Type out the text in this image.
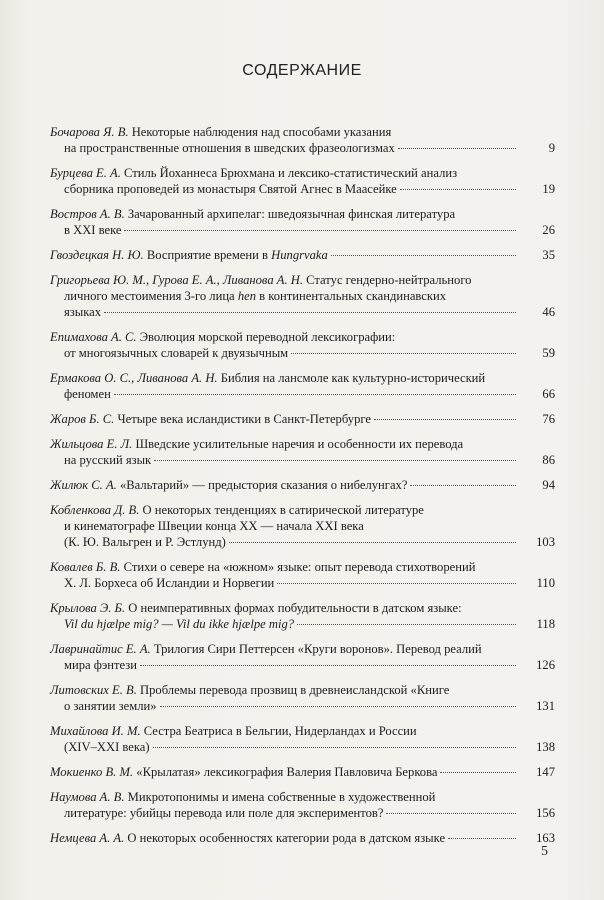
СОДЕРЖАНИЕ
Бочарова Я. В. Некоторые наблюдения над способами указания
на пространственные отношения в шведских фразеологизмах	9
Бурцева Е. А. Стиль Йоханнеса Брюхмана и лексико-статистический анализ
сборника проповедей из монастыря Святой Агнес в Маасейке	19
Востров А. В. Зачарованный архипелаг: шведоязычная финская литература
в XXI веке	26
Гвоздецкая Н. Ю. Восприятие времени в Hungrvaka	35
Григорьева Ю. М., Гурова Е. А., Ливанова А. Н. Статус гендерно-нейтрального
личного местоимения 3-го лица hen в континентальных скандинавских
языках	46
Епимахова А. С. Эволюция морской переводной лексикографии:
от многоязычных словарей к двуязычным	59
Ермакова О. С., Ливанова А. Н. Библия на лансмоле как культурно-исторический
феномен	66
Жаров Б. С. Четыре века исландистики в Санкт-Петербурге	76
Жильцова Е. Л. Шведские усилительные наречия и особенности их перевода
на русский язык	86
Жилюк С. А. «Вальтарий» — предыстория сказания о нибелунгах?	94
Кобленкова Д. В. О некоторых тенденциях в сатирической литературе
и кинематографе Швеции конца XX — начала XXI века
(К. Ю. Вальгрен и Р. Эстлунд)	103
Ковалев Б. В. Стихи о севере на «южном» языке: опыт перевода стихотворений
Х. Л. Борхеса об Исландии и Норвегии	110
Крылова Э. Б. О неимперативных формах побудительности в датском языке:
Vil du hjælpe mig? — Vil du ikke hjælpe mig?	118
Лавринайтис Е. А. Трилогия Сири Петтерсен «Круги воронов». Перевод реалий
мира фэнтези	126
Литовских Е. В. Проблемы перевода прозвищ в древнеисландской «Книге
о занятии земли»	131
Михайлова И. М. Сестра Беатриса в Бельгии, Нидерландах и России
(XIV–XXI века)	138
Мокиенко В. М. «Крылатая» лексикография Валерия Павловича Беркова	147
Наумова А. В. Микротопонимы и имена собственные в художественной
литературе: убийцы перевода или поле для экспериментов?	156
Немцева А. А. О некоторых особенностях категории рода в датском языке	163
5
